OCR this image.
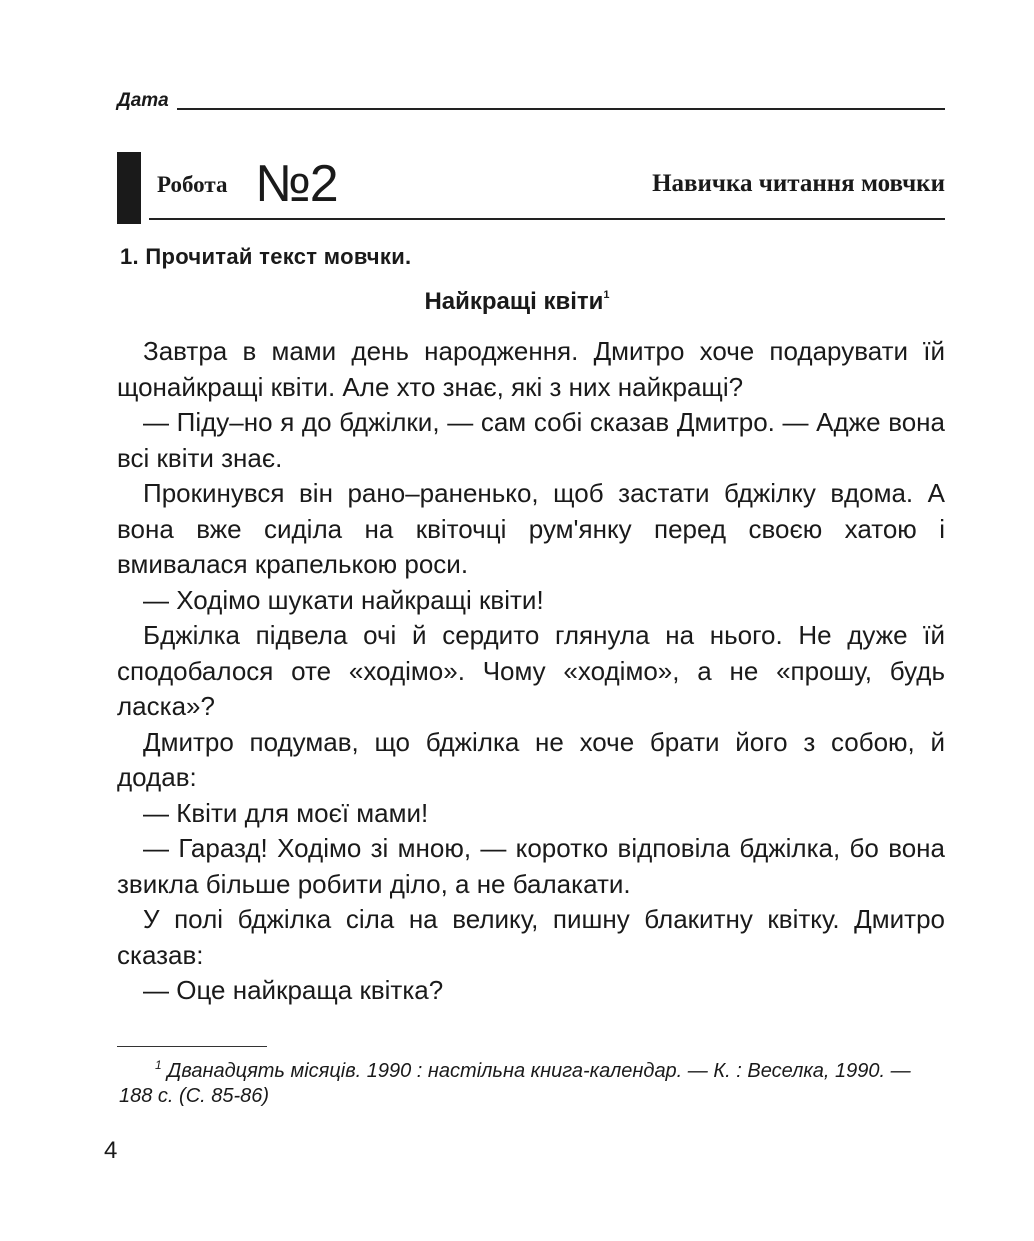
Дата
Робота №2	Навичка читання мовчки
1. Прочитай текст мовчки.
Найкращі квіти$^1$

Завтра в мами день народження. Дмитро хоче подарувати їй щонайкращі квіти. Але хто знає, які з них найкращі?

— Піду–но я до бджілки, — сам собі сказав Дмитро. — Адже вона всі квіти знає.

Прокинувся він рано–раненько, щоб застати бджілку вдома. А вона вже сиділа на квіточці рум'янку перед своєю хатою і вмивалася крапелькою роси.

— Ходімо шукати найкращі квіти!

Бджілка підвела очі й сердито глянула на нього. Не дуже їй сподобалося оте «ходімо». Чому «ходімо», а не «прошу, будь ласка»?

Дмитро подумав, що бджілка не хоче брати його з собою, й додав:

— Квіти для моєї мами!

— Гаразд! Ходімо зі мною, — коротко відповіла бджілка, бо вона звикла більше робити діло, а не балакати.

У полі бджілка сіла на велику, пишну блакитну квітку. Дмитро сказав:

— Оце найкраща квітка?

$^1$ Дванадцять місяців. 1990 : настільна книга-календар. — К. : Веселка, 1990. — 188 с. (С. 85-86)
4
